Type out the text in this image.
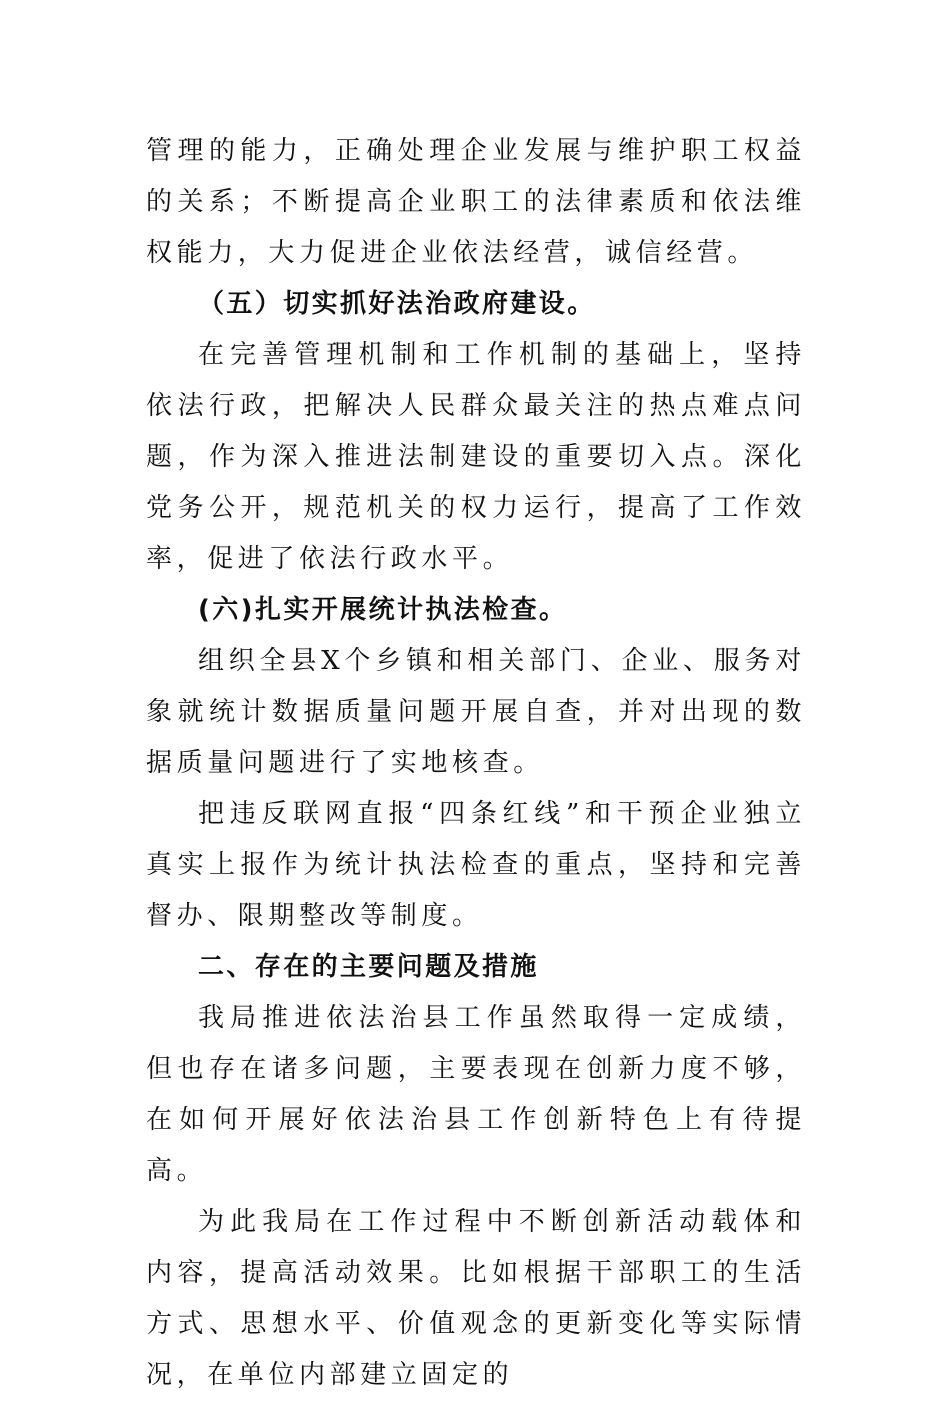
管理的能力，正确处理企业发展与维护职工权益的关系；不断提高企业职工的法律素质和依法维权能力，大力促进企业依法经营，诚信经营。

（五）切实抓好法治政府建设。

在完善管理机制和工作机制的基础上，坚持依法行政，把解决人民群众最关注的热点难点问题，作为深入推进法制建设的重要切入点。深化党务公开，规范机关的权力运行，提高了工作效率，促进了依法行政水平。

(六)扎实开展统计执法检查。

组织全县X个乡镇和相关部门、企业、服务对象就统计数据质量问题开展自查，并对出现的数据质量问题进行了实地核查。

把违反联网直报“四条红线”和干预企业独立真实上报作为统计执法检查的重点，坚持和完善督办、限期整改等制度。

二、存在的主要问题及措施

我局推进依法治县工作虽然取得一定成绩，但也存在诸多问题，主要表现在创新力度不够，在如何开展好依法治县工作创新特色上有待提高。

为此我局在工作过程中不断创新活动载体和内容，提高活动效果。比如根据干部职工的生活方式、思想水平、价值观念的更新变化等实际情况，在单位内部建立固定的
